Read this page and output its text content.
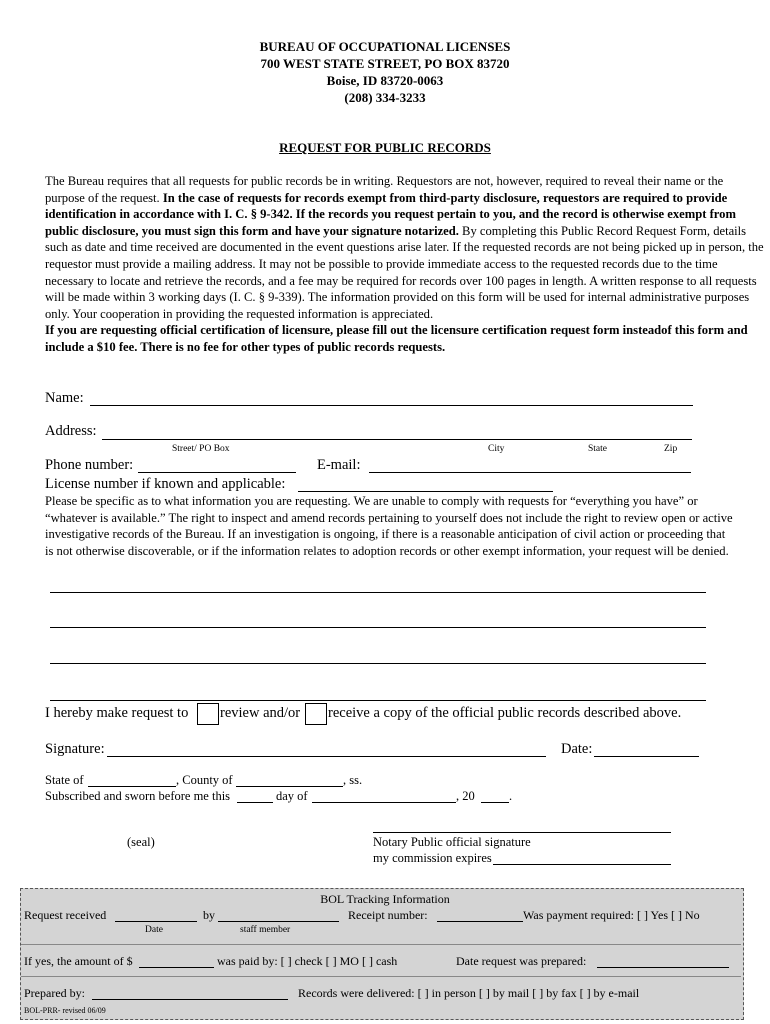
BUREAU OF OCCUPATIONAL LICENSES
700 WEST STATE STREET, PO BOX 83720
Boise, ID 83720-0063
(208) 334-3233
REQUEST FOR PUBLIC RECORDS
The Bureau requires that all requests for public records be in writing. Requestors are not, however, required to reveal their name or the purpose of the request. In the case of requests for records exempt from third-party disclosure, requestors are required to provide identification in accordance with I. C. § 9-342. If the records you request pertain to you, and the record is otherwise exempt from public disclosure, you must sign this form and have your signature notarized. By completing this Public Record Request Form, details such as date and time received are documented in the event questions arise later. If the requested records are not being picked up in person, the requestor must provide a mailing address. It may not be possible to provide immediate access to the requested records due to the time necessary to locate and retrieve the records, and a fee may be required for records over 100 pages in length. A written response to all requests will be made within 3 working days (I. C. § 9-339). The information provided on this form will be used for internal administrative purposes only. Your cooperation in providing the requested information is appreciated.
If you are requesting official certification of licensure, please fill out the licensure certification request form insteadof this form and include a $10 fee. There is no fee for other types of public records requests.
Name:
Address:
Street/ PO Box	City	State	Zip
Phone number:	E-mail:
License number if known and applicable:
Please be specific as to what information you are requesting. We are unable to comply with requests for “everything you have” or “whatever is available.” The right to inspect and amend records pertaining to yourself does not include the right to review open or active investigative records of the Bureau. If an investigation is ongoing, if there is a reasonable anticipation of civil action or proceeding that is not otherwise discoverable, or if the information relates to adoption records or other exempt information, your request will be denied.
I hereby make request to review and/or receive a copy of the official public records described above.
Signature:	Date:
State of	, County of	, ss.
Subscribed and sworn before me this	day of	, 20	.
(seal)	Notary Public official signature
my commission expires
BOL Tracking Information
Request received	by	Receipt number:	Was payment required: [ ] Yes [ ] No
Date	staff member
If yes, the amount of $	was paid by: [ ] check [ ] MO [ ] cash	Date request was prepared:
Prepared by:	Records were delivered: [ ] in person [ ] by mail [ ] by fax [ ] by e-mail
BOL-PRR- revised 06/09
